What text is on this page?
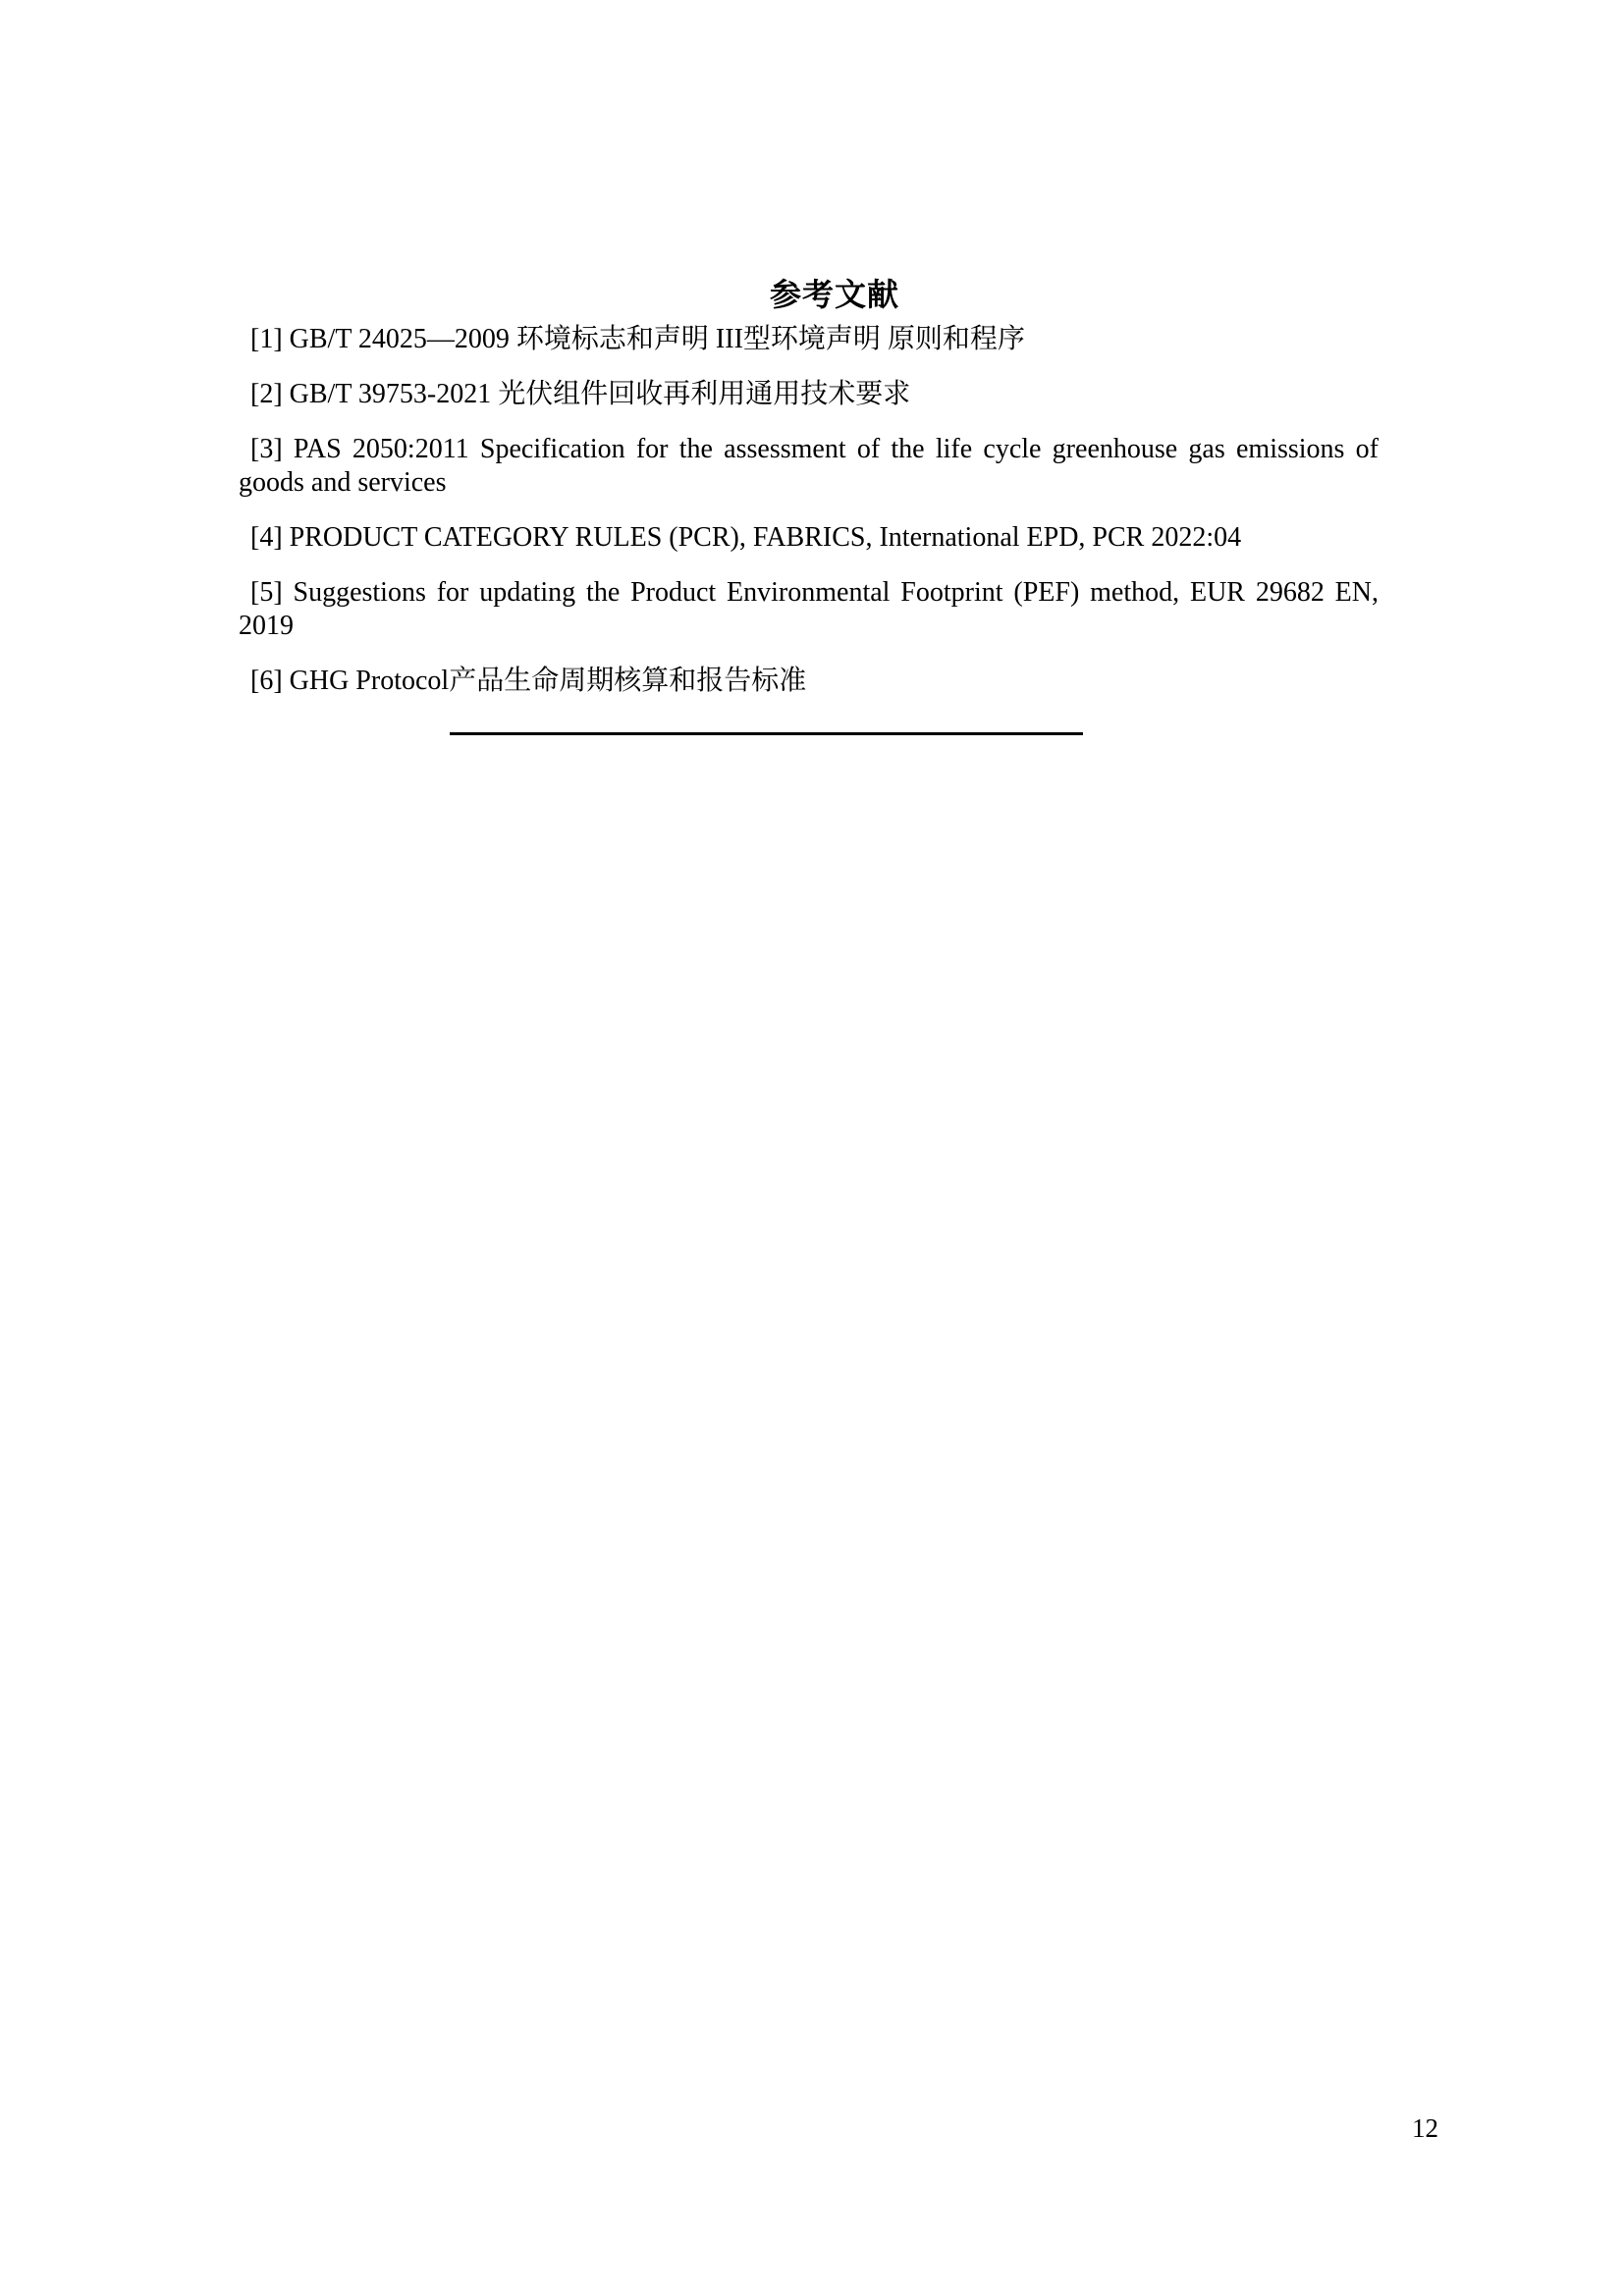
参考文献

[1] GB/T 24025—2009 环境标志和声明 III型环境声明 原则和程序

[2] GB/T 39753-2021 光伏组件回收再利用通用技术要求

[3] PAS 2050:2011 Specification for the assessment of the life cycle greenhouse gas emissions of goods and services

[4] PRODUCT CATEGORY RULES (PCR), FABRICS, International EPD, PCR 2022:04

[5] Suggestions for updating the Product Environmental Footprint (PEF) method, EUR 29682 EN, 2019

[6] GHG Protocol产品生命周期核算和报告标准

12
